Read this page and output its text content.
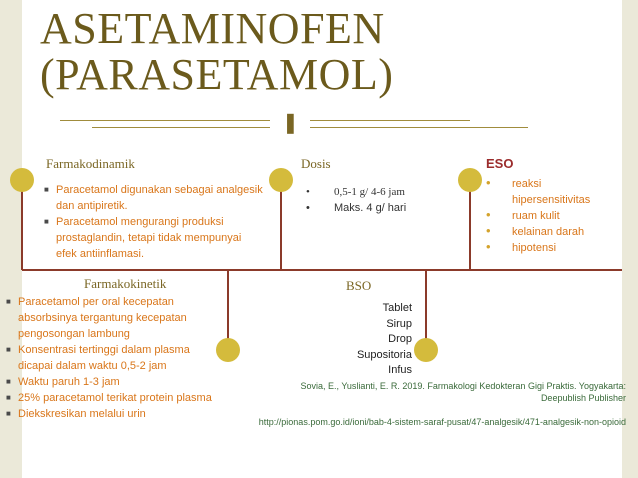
ASETAMINOFEN
(PARASETAMOL)
❚
Farmakodinamik
■ Paracetamol digunakan sebagai analgesik dan antipiretik.
■ Paracetamol mengurangi produksi prostaglandin, tetapi tidak mempunyai efek antiinflamasi.
Dosis
• 0,5-1 g/ 4-6 jam
• Maks. 4 g/ hari
ESO
• reaksi hipersensitivitas
• ruam kulit
• kelainan darah
• hipotensi
Farmakokinetik
■ Paracetamol per oral kecepatan absorbsinya tergantung kecepatan pengosongan lambung
■ Konsentrasi tertinggi dalam plasma dicapai dalam waktu 0,5-2 jam
■ Waktu paruh 1-3 jam
■ 25% paracetamol terikat protein plasma
■ Diekskresikan melalui urin
BSO
Tablet
Sirup
Drop
Supositoria
Infus
Sovia, E., Yuslianti, E. R. 2019. Farmakologi Kedokteran Gigi Praktis. Yogyakarta: Deepublish Publisher
http://pionas.pom.go.id/ioni/bab-4-sistem-saraf-pusat/47-analgesik/471-analgesik-non-opioid
